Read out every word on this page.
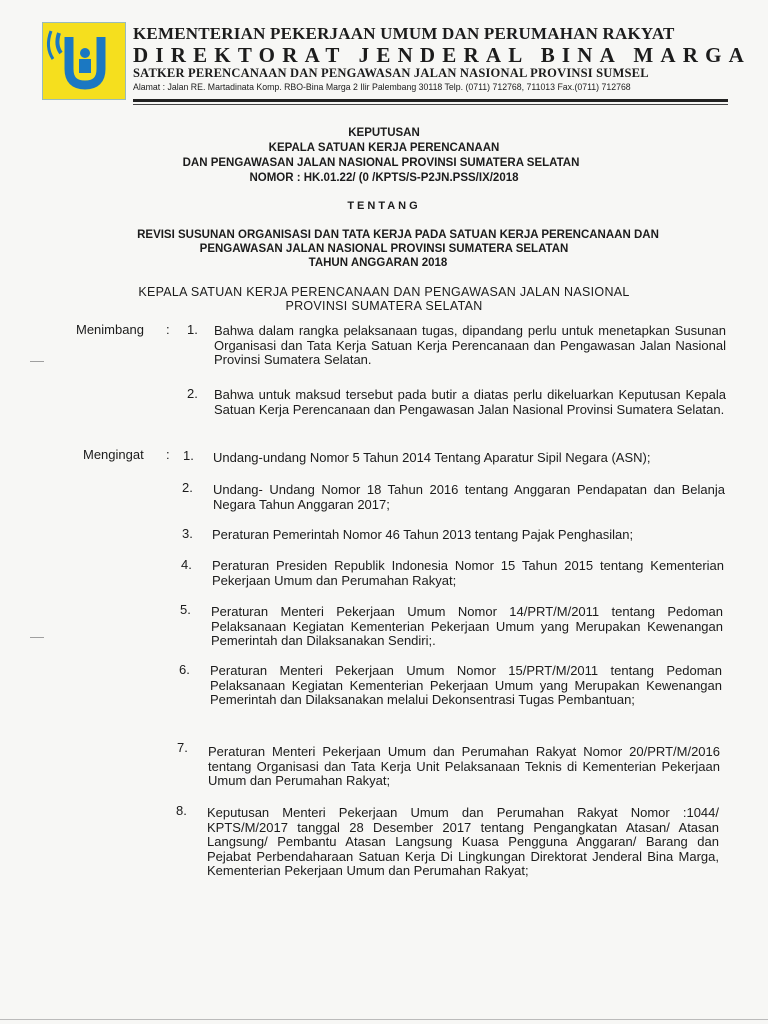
KEMENTERIAN PEKERJAAN UMUM DAN PERUMAHAN RAKYAT
DIREKTORAT JENDERAL BINA MARGA
SATKER PERENCANAAN DAN PENGAWASAN JALAN NASIONAL PROVINSI SUMSEL
Alamat : Jalan RE. Martadinata Komp. RBO-Bina Marga 2 Ilir Palembang 30118 Telp. (0711) 712768, 711013 Fax.(0711) 712768
KEPUTUSAN
KEPALA SATUAN KERJA PERENCANAAN
DAN PENGAWASAN JALAN NASIONAL PROVINSI SUMATERA SELATAN
NOMOR : HK.01.22/ (0 /KPTS/S-P2JN.PSS/IX/2018
TENTANG
REVISI SUSUNAN ORGANISASI DAN TATA KERJA PADA SATUAN KERJA PERENCANAAN DAN
PENGAWASAN JALAN NASIONAL PROVINSI SUMATERA SELATAN
TAHUN ANGGARAN 2018
KEPALA SATUAN KERJA PERENCANAAN DAN PENGAWASAN JALAN NASIONAL
PROVINSI SUMATERA SELATAN
Menimbang : 1. Bahwa dalam rangka pelaksanaan tugas, dipandang perlu untuk menetapkan Susunan Organisasi dan Tata Kerja Satuan Kerja Perencanaan dan Pengawasan Jalan Nasional Provinsi Sumatera Selatan.
2. Bahwa untuk maksud tersebut pada butir a diatas perlu dikeluarkan Keputusan Kepala Satuan Kerja Perencanaan dan Pengawasan Jalan Nasional Provinsi Sumatera Selatan.
Mengingat : 1. Undang-undang Nomor 5 Tahun 2014 Tentang Aparatur Sipil Negara (ASN);
2. Undang- Undang Nomor 18 Tahun 2016 tentang Anggaran Pendapatan dan Belanja Negara Tahun Anggaran 2017;
3. Peraturan Pemerintah Nomor 46 Tahun 2013 tentang Pajak Penghasilan;
4. Peraturan Presiden Republik Indonesia Nomor 15 Tahun 2015 tentang Kementerian Pekerjaan Umum dan Perumahan Rakyat;
5. Peraturan Menteri Pekerjaan Umum Nomor 14/PRT/M/2011 tentang Pedoman Pelaksanaan Kegiatan Kementerian Pekerjaan Umum yang Merupakan Kewenangan Pemerintah dan Dilaksanakan Sendiri;.
6. Peraturan Menteri Pekerjaan Umum Nomor 15/PRT/M/2011 tentang Pedoman Pelaksanaan Kegiatan Kementerian Pekerjaan Umum yang Merupakan Kewenangan Pemerintah dan Dilaksanakan melalui Dekonsentrasi Tugas Pembantuan;
7. Peraturan Menteri Pekerjaan Umum dan Perumahan Rakyat Nomor 20/PRT/M/2016 tentang Organisasi dan Tata Kerja Unit Pelaksanaan Teknis di Kementerian Pekerjaan Umum dan Perumahan Rakyat;
8. Keputusan Menteri Pekerjaan Umum dan Perumahan Rakyat Nomor :1044/ KPTS/M/2017 tanggal 28 Desember 2017 tentang Pengangkatan Atasan/ Atasan Langsung/ Pembantu Atasan Langsung Kuasa Pengguna Anggaran/ Barang dan Pejabat Perbendaharaan Satuan Kerja Di Lingkungan Direktorat Jenderal Bina Marga, Kementerian Pekerjaan Umum dan Perumahan Rakyat;
—
—
